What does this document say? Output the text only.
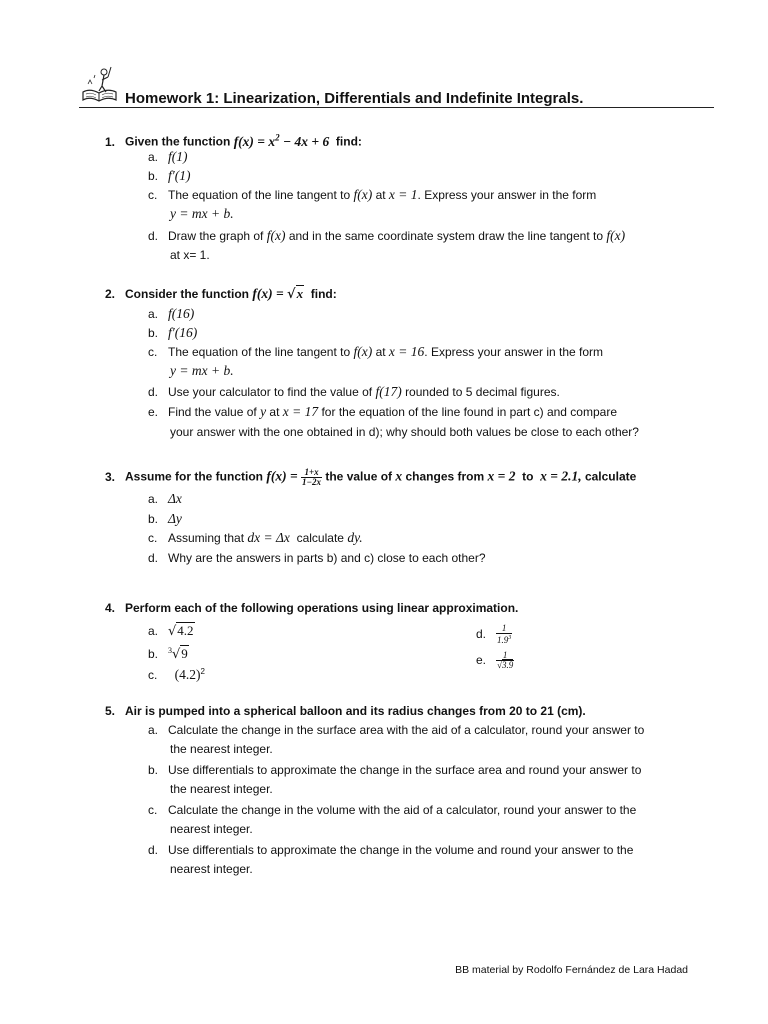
Homework 1: Linearization, Differentials and Indefinite Integrals.
1. Given the function $f(x) = x^2 - 4x + 6$ find:
a. f(1)
b. f′(1)
c. The equation of the line tangent to f(x) at x = 1. Express your answer in the form
y = mx + b.
d. Draw the graph of f(x) and in the same coordinate system draw the line tangent to f(x)
at x= 1.
2. Consider the function f(x) = √x find:
a. f(16)
b. f′(16)
c. The equation of the line tangent to f(x) at x = 16. Express your answer in the form
y = mx + b.
d. Use your calculator to find the value of f(17) rounded to 5 decimal figures.
e. Find the value of y at x = 17 for the equation of the line found in part c) and compare
your answer with the one obtained in d); why should both values be close to each other?
3. Assume for the function $f(x) = \frac{1+x}{1-2x}$ the value of x changes from x = 2 to x = 2.1, calculate
a. Δx
b. Δy
c. Assuming that dx = Δx calculate dy.
d. Why are the answers in parts b) and c) close to each other?
4. Perform each of the following operations using linear approximation.
a. √4.2
b. $^3$√9
c. $(4.2)^2$
d. $\frac{1}{1.9^3}$
e. $\frac{1}{√3.9}$
5. Air is pumped into a spherical balloon and its radius changes from 20 to 21 (cm).
a. Calculate the change in the surface area with the aid of a calculator, round your answer to
the nearest integer.
b. Use differentials to approximate the change in the surface area and round your answer to
the nearest integer.
c. Calculate the change in the volume with the aid of a calculator, round your answer to the
nearest integer.
d. Use differentials to approximate the change in the volume and round your answer to the
nearest integer.
BB material by Rodolfo Fernández de Lara Hadad
